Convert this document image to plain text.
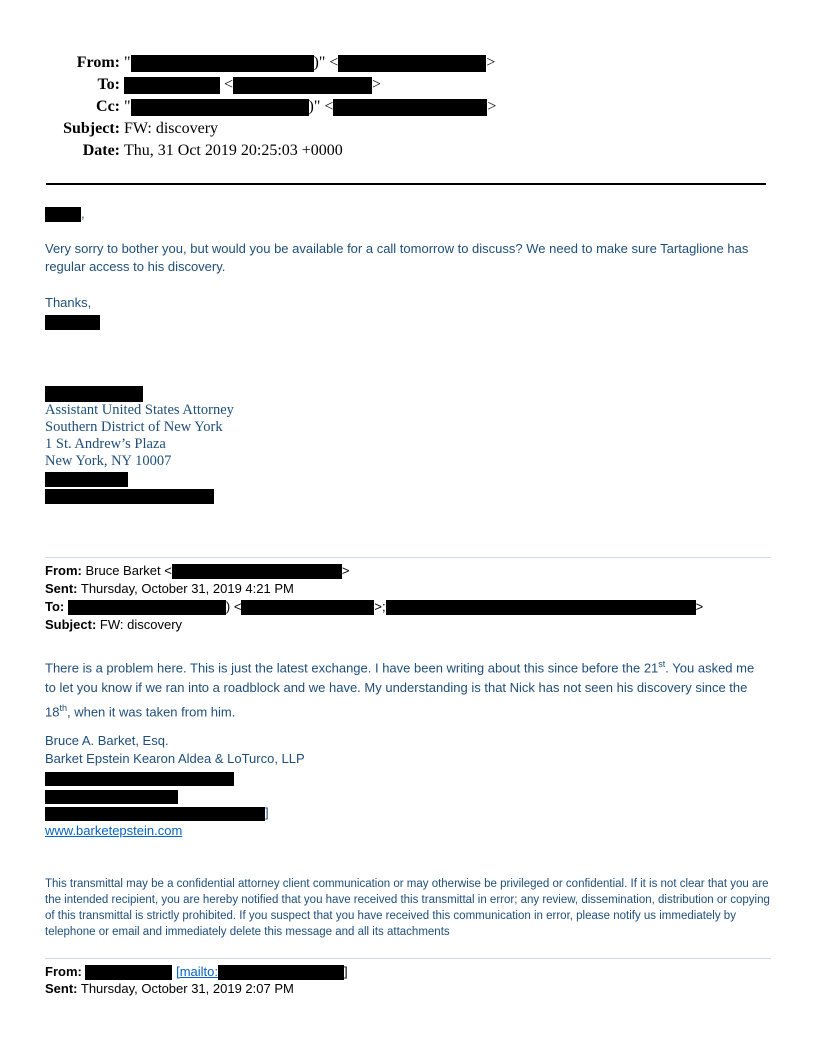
From: "	)" <	>
To:	<	>
Cc: "	)" <	>
Subject: FW: discovery
Date: Thu, 31 Oct 2019 20:25:03 +0000
,
Very sorry to bother you, but would you be available for a call tomorrow to discuss? We need to make sure Tartaglione has regular access to his discovery.
Thanks,
Assistant United States Attorney
Southern District of New York
1 St. Andrew’s Plaza
New York, NY 10007
From: Bruce Barket <	>
Sent: Thursday, October 31, 2019 4:21 PM
To:	) <	>;	>
Subject: FW: discovery
There is a problem here. This is just the latest exchange. I have been writing about this since before the 21st. You asked me to let you know if we ran into a roadblock and we have. My understanding is that Nick has not seen his discovery since the 18th, when it was taken from him.
Bruce A. Barket, Esq.
Barket Epstein Kearon Aldea & LoTurco, LLP
]
www.barketepstein.com
This transmittal may be a confidential attorney client communication or may otherwise be privileged or confidential. If it is not clear that you are the intended recipient, you are hereby notified that you have received this transmittal in error; any review, dissemination, distribution or copying of this transmittal is strictly prohibited. If you suspect that you have received this communication in error, please notify us immediately by telephone or email and immediately delete this message and all its attachments
From:	[mailto:	]
Sent: Thursday, October 31, 2019 2:07 PM
